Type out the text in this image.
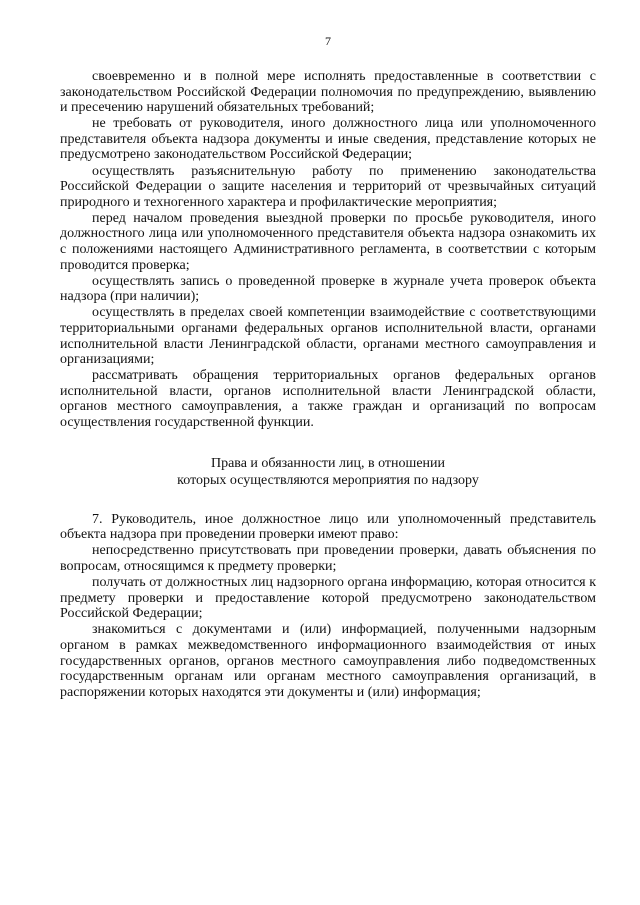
7

своевременно и в полной мере исполнять предоставленные в соответствии с законодательством Российской Федерации полномочия по предупреждению, выявлению и пресечению нарушений обязательных требований;

не требовать от руководителя, иного должностного лица или уполномоченного представителя объекта надзора документы и иные сведения, представление которых не предусмотрено законодательством Российской Федерации;

осуществлять разъяснительную работу по применению законодательства Российской Федерации о защите населения и территорий от чрезвычайных ситуаций природного и техногенного характера и профилактические мероприятия;

перед началом проведения выездной проверки по просьбе руководителя, иного должностного лица или уполномоченного представителя объекта надзора ознакомить их с положениями настоящего Административного регламента, в соответствии с которым проводится проверка;

осуществлять запись о проведенной проверке в журнале учета проверок объекта надзора (при наличии);

осуществлять в пределах своей компетенции взаимодействие с соответствующими территориальными органами федеральных органов исполнительной власти, органами исполнительной власти Ленинградской области, органами местного самоуправления и организациями;

рассматривать обращения территориальных органов федеральных органов исполнительной власти, органов исполнительной власти Ленинградской области, органов местного самоуправления, а также граждан и организаций по вопросам осуществления государственной функции.

Права и обязанности лиц, в отношении
которых осуществляются мероприятия по надзору

7. Руководитель, иное должностное лицо или уполномоченный представитель объекта надзора при проведении проверки имеют право:

непосредственно присутствовать при проведении проверки, давать объяснения по вопросам, относящимся к предмету проверки;

получать от должностных лиц надзорного органа информацию, которая относится к предмету проверки и предоставление которой предусмотрено законодательством Российской Федерации;

знакомиться с документами и (или) информацией, полученными надзорным органом в рамках межведомственного информационного взаимодействия от иных государственных органов, органов местного самоуправления либо подведомственных государственным органам или органам местного самоуправления организаций, в распоряжении которых находятся эти документы и (или) информация;
